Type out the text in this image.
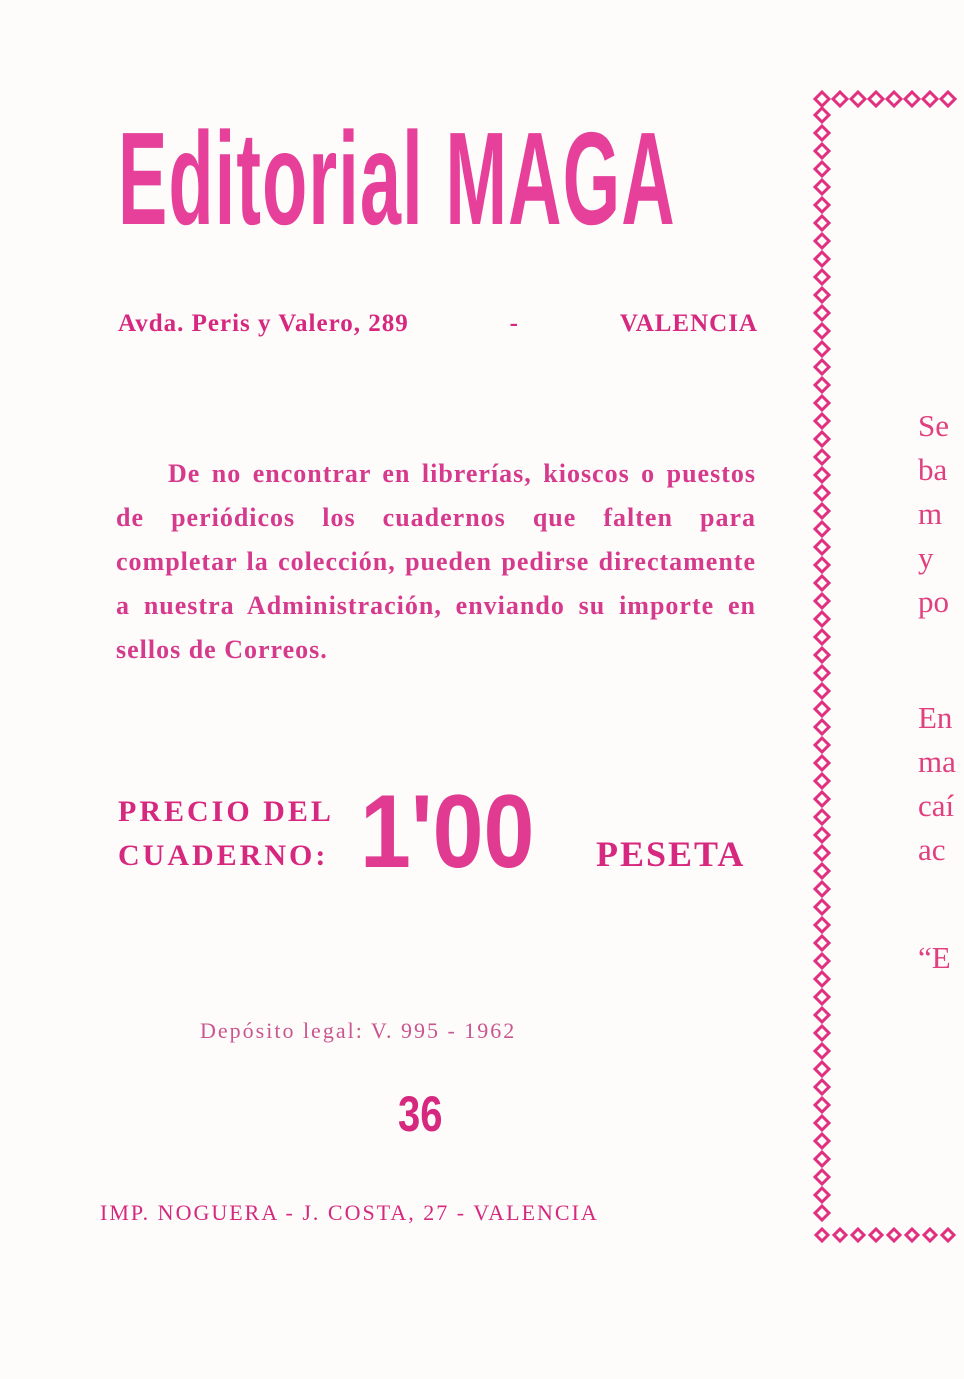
Editorial MAGA
Avda. Peris y Valero, 289	-	VALENCIA

De no encontrar en librerías, kioscos o puestos de periódicos los cuadernos que falten para completar la colección, pueden pedirse directamente a nuestra Administración, enviando su importe en sellos de Correos.

PRECIO DEL
CUADERNO: 1'00 PESETA
Depósito legal: V. 995 - 1962
36
IMP. NOGUERA - J. COSTA, 27 - VALENCIA
Se
ba
m
y
po
En
ma
caí
ac
“E
